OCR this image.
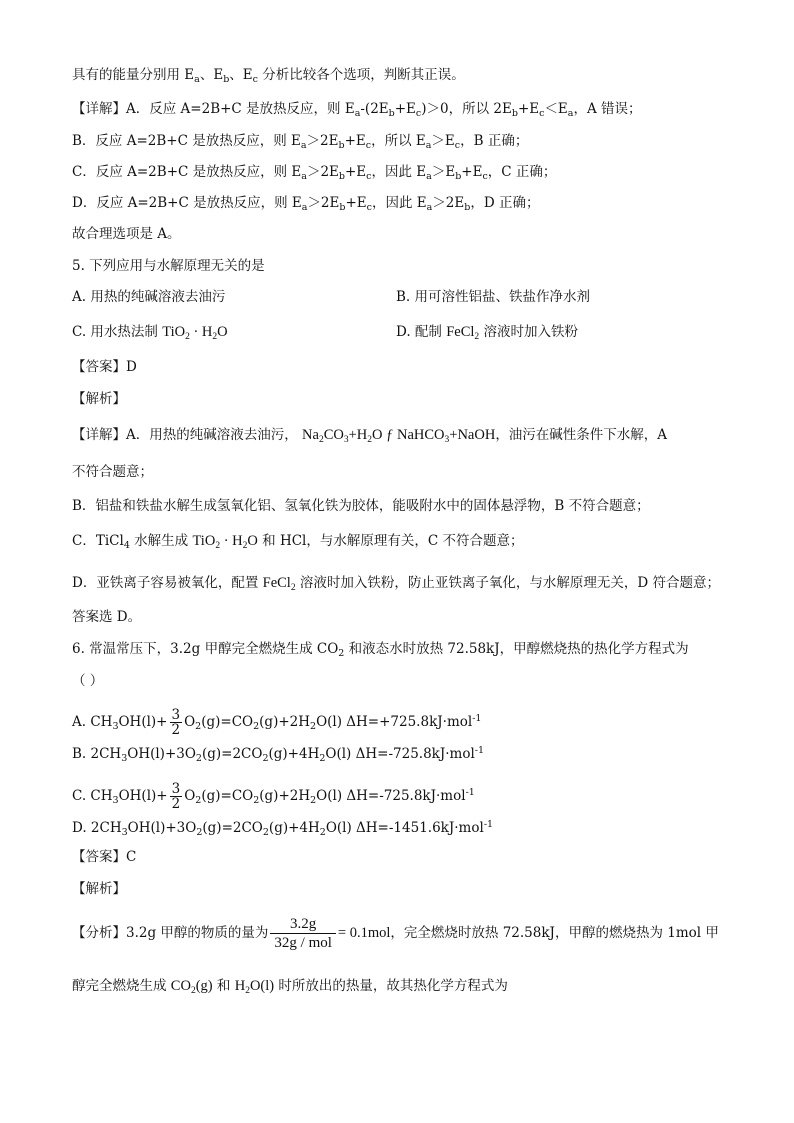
具有的能量分别用 $E_a$、$E_b$、$E_c$ 分析比较各个选项，判断其正误。
【详解】A．反应 A=2B+C 是放热反应，则 $E_a-(2E_b+E_c)>0$，所以 $2E_b+E_c<E_a$，A 错误；
B．反应 A=2B+C 是放热反应，则 $E_a>2E_b+E_c$，所以 $E_a>E_c$，B 正确；
C．反应 A=2B+C 是放热反应，则 $E_a>2E_b+E_c$，因此 $E_a>E_b+E_c$，C 正确；
D．反应 A=2B+C 是放热反应，则 $E_a>2E_b+E_c$，因此 $E_a>2E_b$，D 正确；
故合理选项是 A。
5. 下列应用与水解原理无关的是
A. 用热的纯碱溶液去油污	B. 用可溶性铝盐、铁盐作净水剂
C. 用水热法制 $TiO_2 \cdot H_2O$	D. 配制 FeCl$_2$ 溶液时加入铁粉
【答案】D
【解析】
【详解】A．用热的纯碱溶液去油污， $Na_2CO_3+H_2O$ ƒ NaHCO$_3$+NaOH，油污在碱性条件下水解，A
不符合题意；
B．铝盐和铁盐水解生成氢氧化铝、氢氧化铁为胶体，能吸附水中的固体悬浮物，B 不符合题意；
C．TiCl$_4$ 水解生成 $TiO_2 \cdot H_2O$ 和 HCl，与水解原理有关，C 不符合题意；
D．亚铁离子容易被氧化，配置 FeCl$_2$ 溶液时加入铁粉，防止亚铁离子氧化，与水解原理无关，D 符合题意；
答案选 D。
6. 常温常压下，3.2g 甲醇完全燃烧生成 $CO_2$ 和液态水时放热 72.58kJ，甲醇燃烧热的热化学方程式为
（ ）
A. $CH_3OH(l)+ \frac{3}{2} O_2(g)=CO_2(g)+2H_2O(l)$ ΔH=+725.8kJ·mol$^{-1}$
B. $2CH_3OH(l)+3O_2(g)=2CO_2(g)+4H_2O(l)$ ΔH=-725.8kJ·mol$^{-1}$
C. $CH_3OH(l)+ \frac{3}{2} O_2(g)=CO_2(g)+2H_2O(l)$ ΔH=-725.8kJ·mol$^{-1}$
D. $2CH_3OH(l)+3O_2(g)=2CO_2(g)+4H_2O(l)$ ΔH=-1451.6kJ·mol$^{-1}$
【答案】C
【解析】
【分析】3.2g 甲醇的物质的量为 $\frac{3.2g}{\text{32g / mol}} = 0.1mol$，完全燃烧时放热 72.58kJ，甲醇的燃烧热为 1mol 甲
醇完全燃烧生成 $CO_2(g)$ 和 $H_2O(l)$ 时所放出的热量，故其热化学方程式为
